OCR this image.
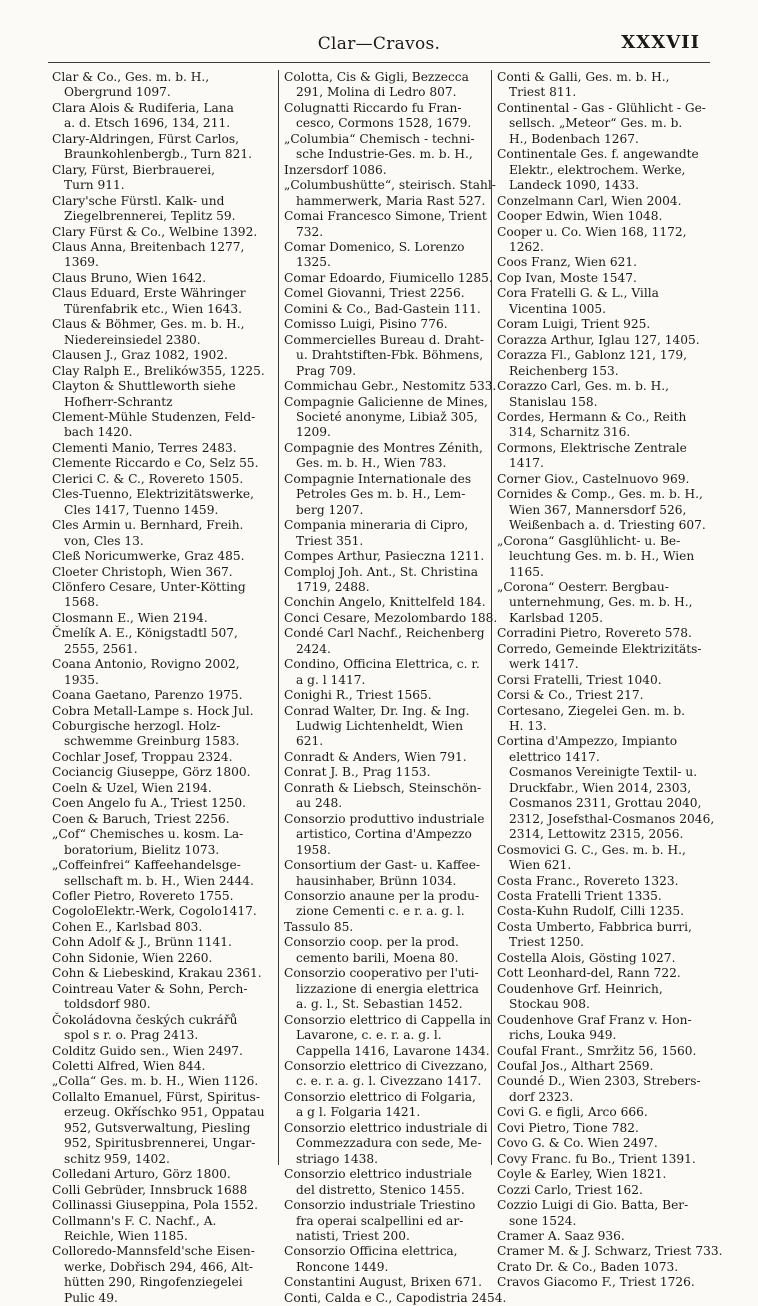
Clar—Cravos.	XXXVII
Clar & Co., Ges. m. b. H.,
Obergrund 1097.
Clara Alois & Rudiferia, Lana
a. d. Etsch 1696, 134, 211.
Clary-Aldringen, Fürst Carlos,
Braunkohlenbergb., Turn 821.
Clary, Fürst, Bierbrauerei,
Turn 911.
Clary'sche Fürstl. Kalk- und
Ziegelbrennerei, Teplitz 59.
Clary Fürst & Co., Welbine 1392.
Claus Anna, Breitenbach 1277,
1369.
Claus Bruno, Wien 1642.
Claus Eduard, Erste Währinger
Türenfabrik etc., Wien 1643.
Claus & Böhmer, Ges. m. b. H.,
Niedereinsiedel 2380.
Clausen J., Graz 1082, 1902.
Clay Ralph E., Brelików355, 1225.
Clayton & Shuttleworth siehe
Hofherr-Schrantz
Clement-Mühle Studenzen, Feld-
bach 1420.
Clementi Manio, Terres 2483.
Clemente Riccardo e Co, Selz 55.
Clerici C. & C., Rovereto 1505.
Cles-Tuenno, Elektrizitätswerke,
Cles 1417, Tuenno 1459.
Cles Armin u. Bernhard, Freih.
von, Cles 13.
Cleß Noricumwerke, Graz 485.
Cloeter Christoph, Wien 367.
Clönfero Cesare, Unter-Kötting
1568.
Closmann E., Wien 2194.
Čmelík A. E., Königstadtl 507,
2555, 2561.
Coana Antonio, Rovigno 2002,
1935.
Coana Gaetano, Parenzo 1975.
Cobra Metall-Lampe s. Hock Jul.
Coburgische herzogl. Holz-
schwemme Greinburg 1583.
Cochlar Josef, Troppau 2324.
Cociancig Giuseppe, Görz 1800.
Coeln & Uzel, Wien 2194.
Coen Angelo fu A., Triest 1250.
Coen & Baruch, Triest 2256.
„Cof“ Chemisches u. kosm. La-
boratorium, Bielitz 1073.
„Coffeinfrei“ Kaffeehandelsge-
sellschaft m. b. H., Wien 2444.
Cofler Pietro, Rovereto 1755.
CogoloElektr.-Werk, Cogolo1417.
Cohen E., Karlsbad 803.
Cohn Adolf & J., Brünn 1141.
Cohn Sidonie, Wien 2260.
Cohn & Liebeskind, Krakau 2361.
Cointreau Vater & Sohn, Perch-
toldsdorf 980.
Čokoládovna českých cukrářů
spol s r. o. Prag 2413.
Colditz Guido sen., Wien 2497.
Coletti Alfred, Wien 844.
„Colla“ Ges. m. b. H., Wien 1126.
Collalto Emanuel, Fürst, Spiritus-
erzeug. Okříschko 951, Oppatau
952, Gutsverwaltung, Piesling
952, Spiritusbrennerei, Ungar-
schitz 959, 1402.
Colledani Arturo, Görz 1800.
Colli Gebrüder, Innsbruck 1688
Collinassi Giuseppina, Pola 1552.
Collmann's F. C. Nachf., A.
Reichle, Wien 1185.
Colloredo-Mannsfeld'sche Eisen-
werke, Dobřisch 294, 466, Alt-
hütten 290, Ringofenziegelei
Pulic 49.
Colotta, Cis & Gigli, Bezzecca
291, Molina di Ledro 807.
Colugnatti Riccardo fu Fran-
cesco, Cormons 1528, 1679.
„Columbia“ Chemisch - techni-
sche Industrie-Ges. m. b. H.,
Inzersdorf 1086.
„Columbushütte“, steirisch. Stahl-
hammerwerk, Maria Rast 527.
Comai Francesco Simone, Trient
732.
Comar Domenico, S. Lorenzo
1325.
Comar Edoardo, Fiumicello 1285.
Comel Giovanni, Triest 2256.
Comini & Co., Bad-Gastein 111.
Comisso Luigi, Pisino 776.
Commercielles Bureau d. Draht-
u. Drahtstiften-Fbk. Böhmens,
Prag 709.
Commichau Gebr., Nestomitz 533.
Compagnie Galicienne de Mines,
Societé anonyme, Libiaž 305,
1209.
Compagnie des Montres Zénith,
Ges. m. b. H., Wien 783.
Compagnie Internationale des
Petroles Ges m. b. H., Lem-
berg 1207.
Compania mineraria di Cipro,
Triest 351.
Compes Arthur, Pasieczna 1211.
Comploj Joh. Ant., St. Christina
1719, 2488.
Conchin Angelo, Knittelfeld 184.
Conci Cesare, Mezolombardo 188.
Condé Carl Nachf., Reichenberg
2424.
Condino, Officina Elettrica, c. r.
a g. l 1417.
Conighi R., Triest 1565.
Conrad Walter, Dr. Ing. & Ing.
Ludwig Lichtenheldt, Wien
621.
Conradt & Anders, Wien 791.
Conrat J. B., Prag 1153.
Conrath & Liebsch, Steinschön-
au 248.
Consorzio produttivo industriale
artistico, Cortina d'Ampezzo
1958.
Consortium der Gast- u. Kaffee-
hausinhaber, Brünn 1034.
Consorzio anaune per la produ-
zione Cementi c. e r. a. g. l.
Tassulo 85.
Consorzio coop. per la prod.
cemento barili, Moena 80.
Consorzio cooperativo per l'uti-
lizzazione di energia elettrica
a. g. l., St. Sebastian 1452.
Consorzio elettrico di Cappella in
Lavarone, c. e. r. a. g. l.
Cappella 1416, Lavarone 1434.
Consorzio elettrico di Civezzano,
c. e. r. a. g. l. Civezzano 1417.
Consorzio elettrico di Folgaria,
a g l. Folgaria 1421.
Consorzio elettrico industriale di
Commezzadura con sede, Me-
striago 1438.
Consorzio elettrico industriale
del distretto, Stenico 1455.
Consorzio industriale Triestino
fra operai scalpellini ed ar-
natisti, Triest 200.
Consorzio Officina elettrica,
Roncone 1449.
Constantini August, Brixen 671.
Conti, Calda e C., Capodistria 2454.
Conti & Galli, Ges. m. b. H.,
Triest 811.
Continental - Gas - Glühlicht - Ge-
sellsch. „Meteor“ Ges. m. b.
H., Bodenbach 1267.
Continentale Ges. f. angewandte
Elektr., elektrochem. Werke,
Landeck 1090, 1433.
Conzelmann Carl, Wien 2004.
Cooper Edwin, Wien 1048.
Cooper u. Co. Wien 168, 1172,
1262.
Coos Franz, Wien 621.
Cop Ivan, Moste 1547.
Cora Fratelli G. & L., Villa
Vicentina 1005.
Coram Luigi, Trient 925.
Corazza Arthur, Iglau 127, 1405.
Corazza Fl., Gablonz 121, 179,
Reichenberg 153.
Corazzo Carl, Ges. m. b. H.,
Stanislau 158.
Cordes, Hermann & Co., Reith
314, Scharnitz 316.
Cormons, Elektrische Zentrale
1417.
Corner Giov., Castelnuovo 969.
Cornides & Comp., Ges. m. b. H.,
Wien 367, Mannersdorf 526,
Weißenbach a. d. Triesting 607.
„Corona“ Gasglühlicht- u. Be-
leuchtung Ges. m. b. H., Wien
1165.
„Corona“ Oesterr. Bergbau-
unternehmung, Ges. m. b. H.,
Karlsbad 1205.
Corradini Pietro, Rovereto 578.
Corredo, Gemeinde Elektrizitäts-
werk 1417.
Corsi Fratelli, Triest 1040.
Corsi & Co., Triest 217.
Cortesano, Ziegelei Gen. m. b.
H. 13.
Cortina d'Ampezzo, Impianto
elettrico 1417.
Cosmanos Vereinigte Textil- u.
Druckfabr., Wien 2014, 2303,
Cosmanos 2311, Grottau 2040,
2312, Josefsthal-Cosmanos 2046,
2314, Lettowitz 2315, 2056.
Cosmovici G. C., Ges. m. b. H.,
Wien 621.
Costa Franc., Rovereto 1323.
Costa Fratelli Trient 1335.
Costa-Kuhn Rudolf, Cilli 1235.
Costa Umberto, Fabbrica burri,
Triest 1250.
Costella Alois, Gösting 1027.
Cott Leonhard-del, Rann 722.
Coudenhove Grf. Heinrich,
Stockau 908.
Coudenhove Graf Franz v. Hon-
richs, Louka 949.
Coufal Frant., Smržitz 56, 1560.
Coufal Jos., Althart 2569.
Coundé D., Wien 2303, Strebers-
dorf 2323.
Covi G. e figli, Arco 666.
Covi Pietro, Tione 782.
Covo G. & Co. Wien 2497.
Covy Franc. fu Bo., Trient 1391.
Coyle & Earley, Wien 1821.
Cozzi Carlo, Triest 162.
Cozzio Luigi di Gio. Batta, Ber-
sone 1524.
Cramer A. Saaz 936.
Cramer M. & J. Schwarz, Triest 733.
Crato Dr. & Co., Baden 1073.
Cravos Giacomo F., Triest 1726.
